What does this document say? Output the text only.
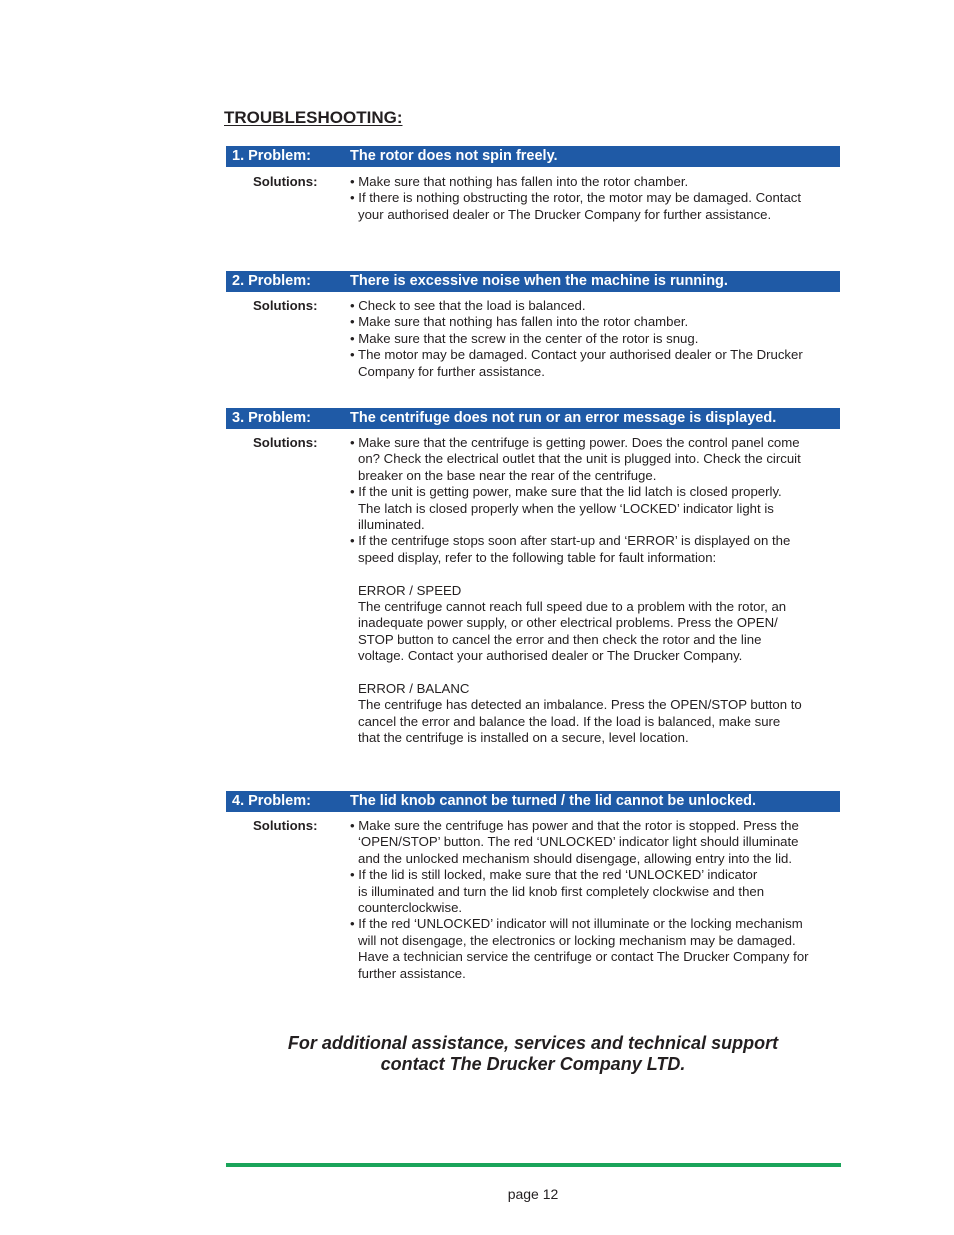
TROUBLESHOOTING:
1. Problem:	The rotor does not spin freely.
Solutions: • Make sure that nothing has fallen into the rotor chamber.
• If there is nothing obstructing the rotor, the motor may be damaged. Contact
your authorised dealer or The Drucker Company for further assistance.
2. Problem:	There is excessive noise when the machine is running.
Solutions: • Check to see that the load is balanced.
• Make sure that nothing has fallen into the rotor chamber.
• Make sure that the screw in the center of the rotor is snug.
• The motor may be damaged. Contact your authorised dealer or The Drucker
Company for further assistance.
3. Problem:	The centrifuge does not run or an error message is displayed.
Solutions: • Make sure that the centrifuge is getting power. Does the control panel come
on? Check the electrical outlet that the unit is plugged into. Check the circuit
breaker on the base near the rear of the centrifuge.
• If the unit is getting power, make sure that the lid latch is closed properly.
The latch is closed properly when the yellow ‘LOCKED’ indicator light is
illuminated.
• If the centrifuge stops soon after start-up and ‘ERROR’ is displayed on the
speed display, refer to the following table for fault information:
ERROR / SPEED
The centrifuge cannot reach full speed due to a problem with the rotor, an
inadequate power supply, or other electrical problems. Press the OPEN/
STOP button to cancel the error and then check the rotor and the line
voltage. Contact your authorised dealer or The Drucker Company.
ERROR / BALANC
The centrifuge has detected an imbalance. Press the OPEN/STOP button to
cancel the error and balance the load. If the load is balanced, make sure
that the centrifuge is installed on a secure, level location.
4. Problem:	The lid knob cannot be turned / the lid cannot be unlocked.
Solutions: • Make sure the centrifuge has power and that the rotor is stopped. Press the
‘OPEN/STOP’ button. The red ‘UNLOCKED’ indicator light should illuminate
and the unlocked mechanism should disengage, allowing entry into the lid.
• If the lid is still locked, make sure that the red ‘UNLOCKED’ indicator
is illuminated and turn the lid knob first completely clockwise and then
counterclockwise.
• If the red ‘UNLOCKED’ indicator will not illuminate or the locking mechanism
will not disengage, the electronics or locking mechanism may be damaged.
Have a technician service the centrifuge or contact The Drucker Company for
further assistance.
For additional assistance, services and technical support
contact The Drucker Company LTD.
page 12
